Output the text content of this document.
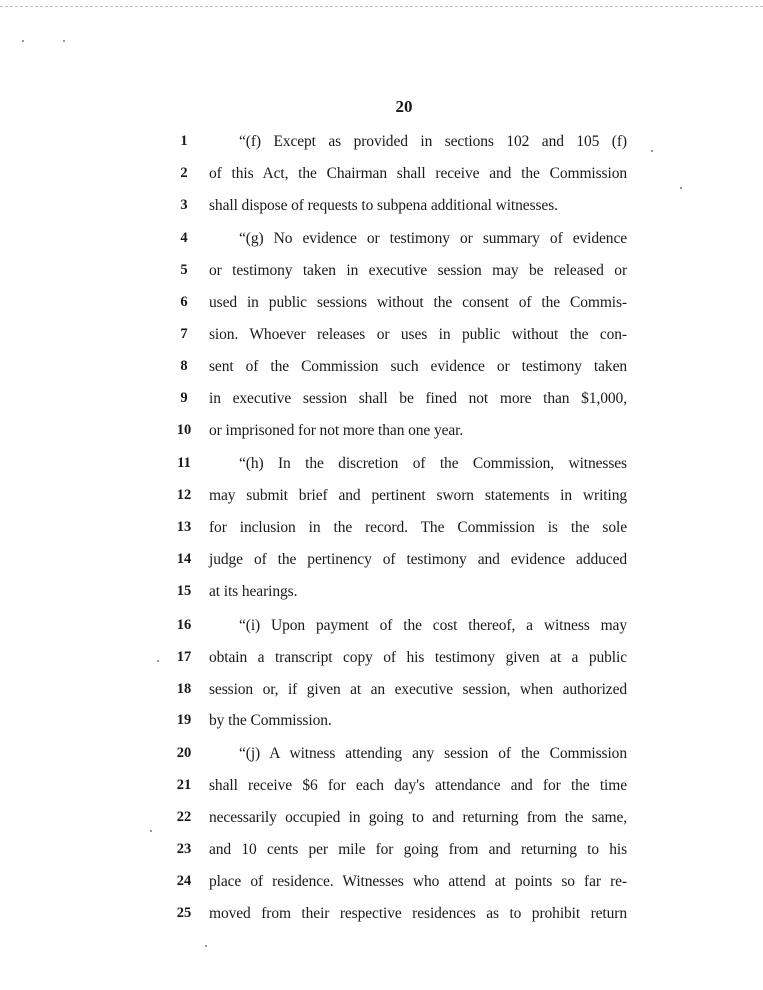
20
1	“(f) Except as provided in sections 102 and 105 (f)
2	of this Act, the Chairman shall receive and the Commission
3	shall dispose of requests to subpena additional witnesses.
4	“(g) No evidence or testimony or summary of evidence
5	or testimony taken in executive session may be released or
6	used in public sessions without the consent of the Commis-
7	sion. Whoever releases or uses in public without the con-
8	sent of the Commission such evidence or testimony taken
9	in executive session shall be fined not more than $1,000,
10	or imprisoned for not more than one year.
11	“(h) In the discretion of the Commission, witnesses
12	may submit brief and pertinent sworn statements in writing
13	for inclusion in the record. The Commission is the sole
14	judge of the pertinency of testimony and evidence adduced
15	at its hearings.
16	“(i) Upon payment of the cost thereof, a witness may
17	obtain a transcript copy of his testimony given at a public
18	session or, if given at an executive session, when authorized
19	by the Commission.
20	“(j) A witness attending any session of the Commission
21	shall receive $6 for each day's attendance and for the time
22	necessarily occupied in going to and returning from the same,
23	and 10 cents per mile for going from and returning to his
24	place of residence. Witnesses who attend at points so far re-
25	moved from their respective residences as to prohibit return
